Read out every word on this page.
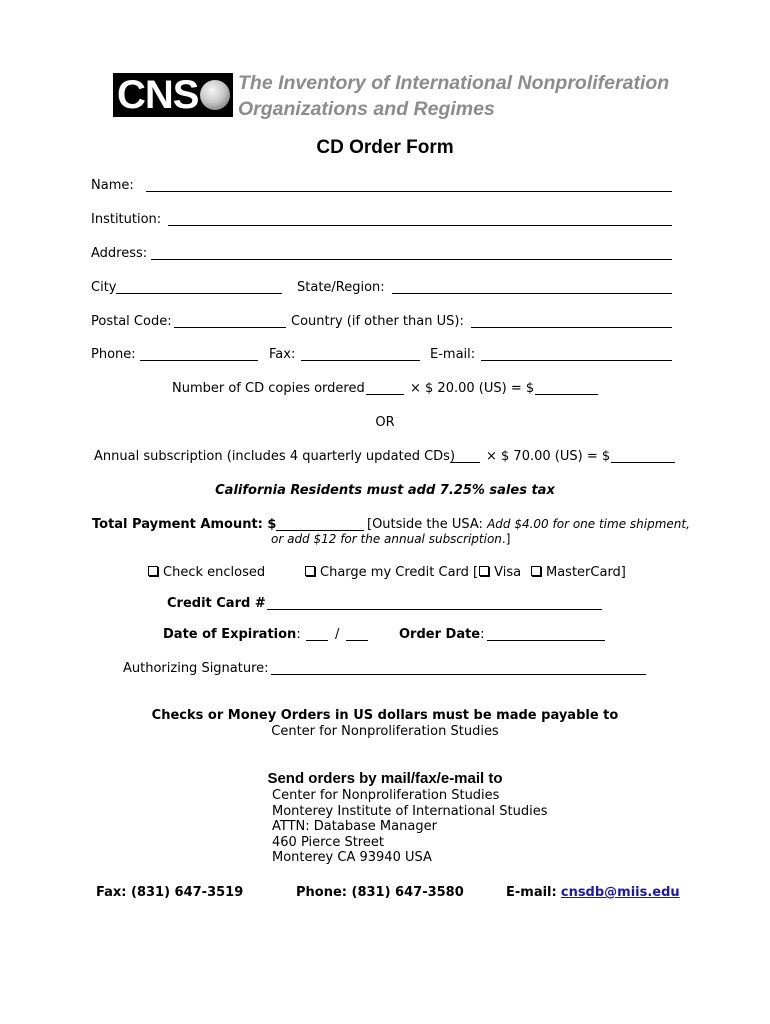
CNS The Inventory of International Nonproliferation
Organizations and Regimes
CD Order Form
Name:
Institution:
Address:
City	State/Region:
Postal Code:	Country (if other than US):
Phone:	Fax:	E-mail:
Number of CD copies ordered	× $ 20.00 (US) = $
OR
Annual subscription (includes 4 quarterly updated CDs) × $ 70.00 (US) = $
California Residents must add 7.25% sales tax
Total Payment Amount: $	[Outside the USA: Add $4.00 for one time shipment,
or add $12 for the annual subscription.]
Check enclosed	Charge my Credit Card [ Visa	MasterCard]
Credit Card #
Date of Expiration:	/	Order Date:
Authorizing Signature:
Checks or Money Orders in US dollars must be made payable to
Center for Nonproliferation Studies
Send orders by mail/fax/e-mail to
Center for Nonproliferation Studies
Monterey Institute of International Studies
ATTN: Database Manager
460 Pierce Street
Monterey CA 93940 USA
Fax: (831) 647-3519	Phone: (831) 647-3580	E-mail: cnsdb@miis.edu
